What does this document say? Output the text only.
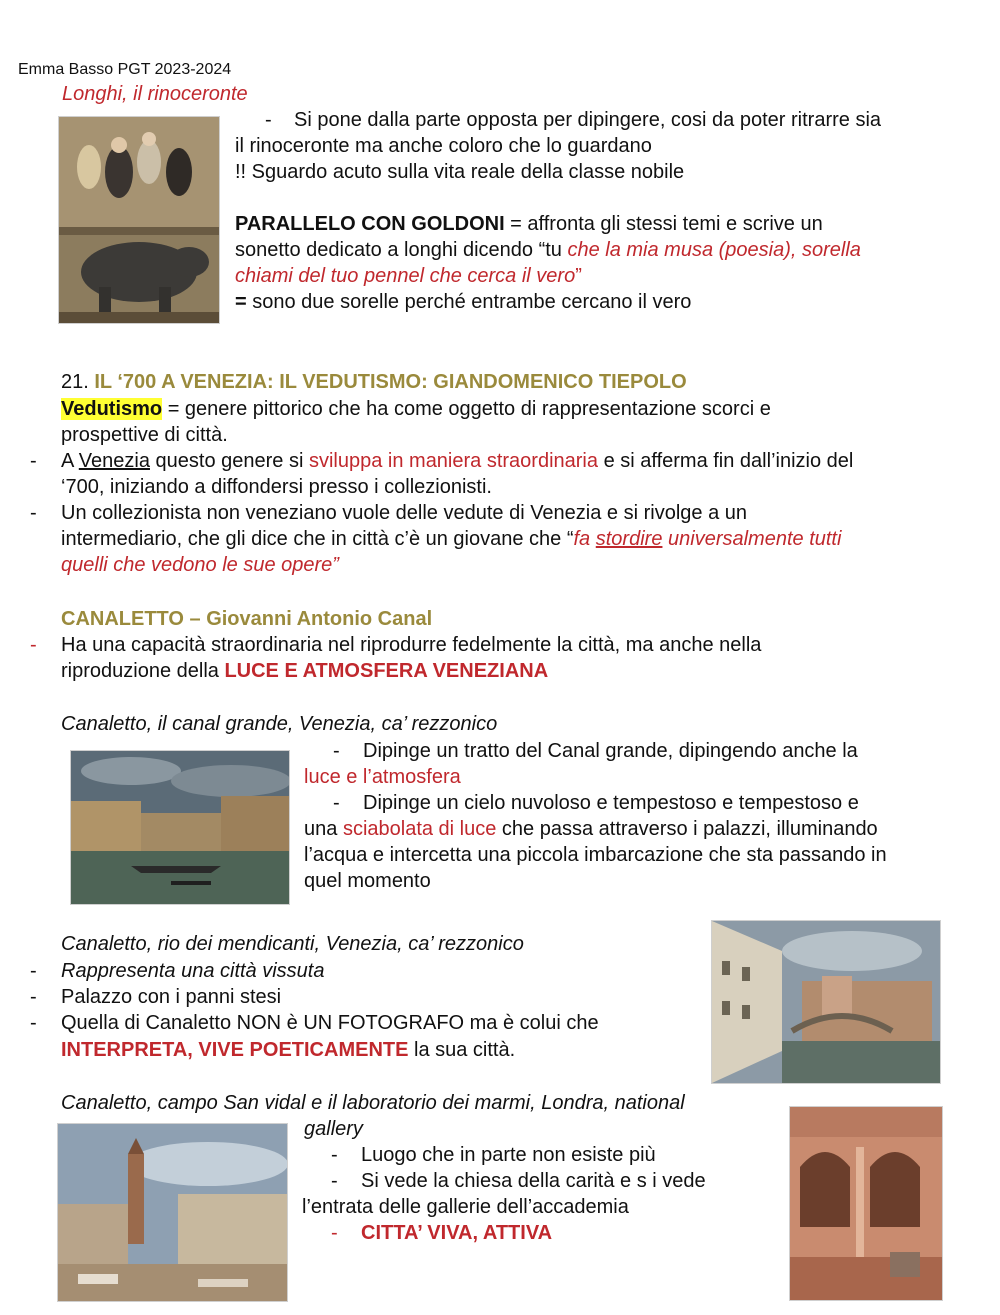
Emma Basso PGT 2023-2024
Longhi, il rinoceronte
- Si pone dalla parte opposta per dipingere, cosi da poter ritrarre sia
il rinoceronte ma anche coloro che lo guardano
!! Sguardo acuto sulla vita reale della classe nobile
PARALLELO CON GOLDONI = affronta gli stessi temi e scrive un
sonetto dedicato a longhi dicendo “tu che la mia musa (poesia), sorella
chiami del tuo pennel che cerca il vero”
= sono due sorelle perché entrambe cercano il vero
21. IL ‘700 A VENEZIA: IL VEDUTISMO: GIANDOMENICO TIEPOLO
Vedutismo = genere pittorico che ha come oggetto di rappresentazione scorci e
prospettive di città.
- A Venezia questo genere si sviluppa in maniera straordinaria e si afferma fin dall’inizio del
‘700, iniziando a diffondersi presso i collezionisti.
- Un collezionista non veneziano vuole delle vedute di Venezia e si rivolge a un
intermediario, che gli dice che in città c’è un giovane che “fa stordire universalmente tutti
quelli che vedono le sue opere”
CANALETTO – Giovanni Antonio Canal
- Ha una capacità straordinaria nel riprodurre fedelmente la città, ma anche nella
riproduzione della LUCE E ATMOSFERA VENEZIANA
Canaletto, il canal grande, Venezia, ca’ rezzonico
- Dipinge un tratto del Canal grande, dipingendo anche la
luce e l’atmosfera
- Dipinge un cielo nuvoloso e tempestoso e tempestoso e
una sciabolata di luce che passa attraverso i palazzi, illuminando
l’acqua e intercetta una piccola imbarcazione che sta passando in
quel momento
Canaletto, rio dei mendicanti, Venezia, ca’ rezzonico
- Rappresenta una città vissuta
- Palazzo con i panni stesi
- Quella di Canaletto NON è UN FOTOGRAFO ma è colui che
INTERPRETA, VIVE POETICAMENTE la sua città.
Canaletto, campo San vidal e il laboratorio dei marmi, Londra, national
gallery
- Luogo che in parte non esiste più
- Si vede la chiesa della carità e s i vede
l’entrata delle gallerie dell’accademia
- CITTA’ VIVA, ATTIVA
